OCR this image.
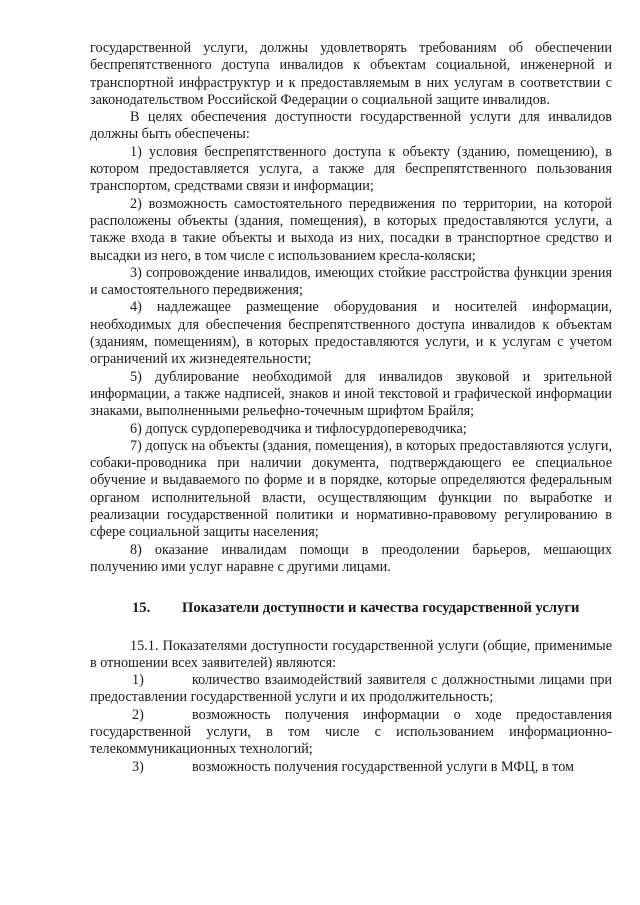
государственной услуги, должны удовлетворять требованиям об обеспечении беспрепятственного доступа инвалидов к объектам социальной, инженерной и транспортной инфраструктур и к предоставляемым в них услугам в соответствии с законодательством Российской Федерации о социальной защите инвалидов.

В целях обеспечения доступности государственной услуги для инвалидов должны быть обеспечены:

1) условия беспрепятственного доступа к объекту (зданию, помещению), в котором предоставляется услуга, а также для беспрепятственного пользования транспортом, средствами связи и информации;

2) возможность самостоятельного передвижения по территории, на которой расположены объекты (здания, помещения), в которых предоставляются услуги, а также входа в такие объекты и выхода из них, посадки в транспортное средство и высадки из него, в том числе с использованием кресла-коляски;

3) сопровождение инвалидов, имеющих стойкие расстройства функции зрения и самостоятельного передвижения;

4) надлежащее размещение оборудования и носителей информации, необходимых для обеспечения беспрепятственного доступа инвалидов к объектам (зданиям, помещениям), в которых предоставляются услуги, и к услугам с учетом ограничений их жизнедеятельности;

5) дублирование необходимой для инвалидов звуковой и зрительной информации, а также надписей, знаков и иной текстовой и графической информации знаками, выполненными рельефно-точечным шрифтом Брайля;

6) допуск сурдопереводчика и тифлосурдопереводчика;

7) допуск на объекты (здания, помещения), в которых предоставляются услуги, собаки-проводника при наличии документа, подтверждающего ее специальное обучение и выдаваемого по форме и в порядке, которые определяются федеральным органом исполнительной власти, осуществляющим функции по выработке и реализации государственной политики и нормативно-правовому регулированию в сфере социальной защиты населения;

8) оказание инвалидам помощи в преодолении барьеров, мешающих получению ими услуг наравне с другими лицами.

15.	Показатели доступности и качества государственной услуги

15.1. Показателями доступности государственной услуги (общие, применимые в отношении всех заявителей) являются:

1)	количество взаимодействий заявителя с должностными лицами при предоставлении государственной услуги и их продолжительность;

2)	возможность получения информации о ходе предоставления государственной услуги, в том числе с использованием информационно-телекоммуникационных технологий;

3)	возможность получения государственной услуги в МФЦ, в том
